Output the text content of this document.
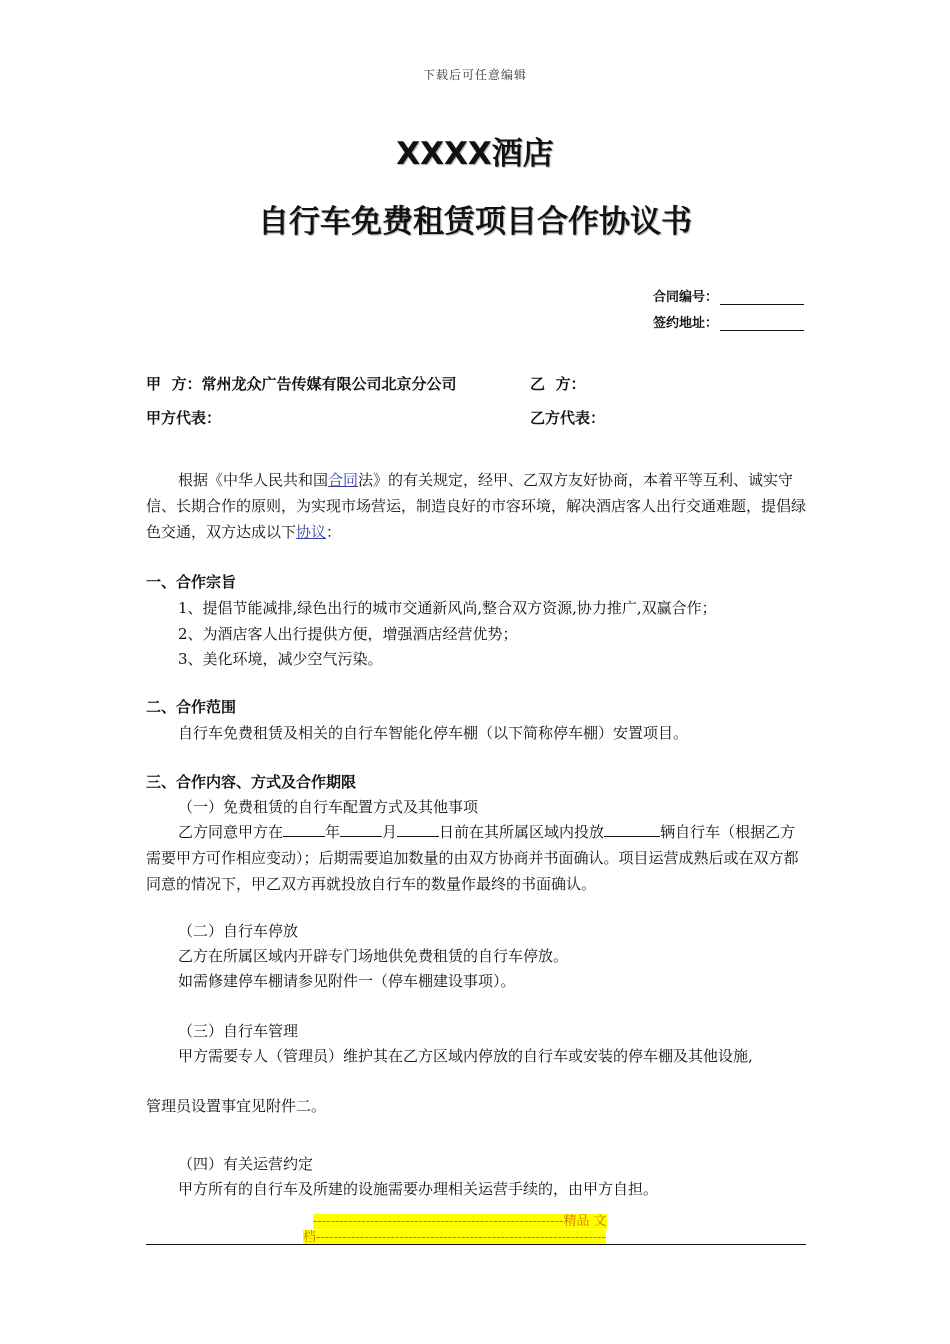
下载后可任意编辑
XXXX酒店
自行车免费租赁项目合作协议书
合同编号：
签约地址：
甲  方：常州龙众广告传媒有限公司北京分公司	乙  方：
甲方代表：	乙方代表：
根据《中华人民共和国合同法》的有关规定，经甲、乙双方友好协商，本着平等互利、诚实守信、长期合作的原则，为实现市场营运，制造良好的市容环境，解决酒店客人出行交通难题，提倡绿色交通，双方达成以下协议：
一、合作宗旨
1、提倡节能减排,绿色出行的城市交通新风尚,整合双方资源,协力推广,双赢合作；
2、为酒店客人出行提供方便，增强酒店经营优势；
3、美化环境，减少空气污染。
二、合作范围
自行车免费租赁及相关的自行车智能化停车棚（以下简称停车棚）安置项目。
三、合作内容、方式及合作期限
（一）免费租赁的自行车配置方式及其他事项
乙方同意甲方在	年	月	日前在其所属区域内投放	辆自行车（根据乙方需要甲方可作相应变动）；后期需要追加数量的由双方协商并书面确认。项目运营成熟后或在双方都同意的情况下，甲乙双方再就投放自行车的数量作最终的书面确认。
（二）自行车停放
乙方在所属区域内开辟专门场地供免费租赁的自行车停放。
如需修建停车棚请参见附件一（停车棚建设事项）。
（三）自行车管理
甲方需要专人（管理员）维护其在乙方区域内停放的自行车或安装的停车棚及其他设施,
管理员设置事宜见附件二。
（四）有关运营约定
甲方所有的自行车及所建的设施需要办理相关运营手续的，由甲方自担。
---------------------------------------------------------精品 文
档------------------------------------------------------------------
